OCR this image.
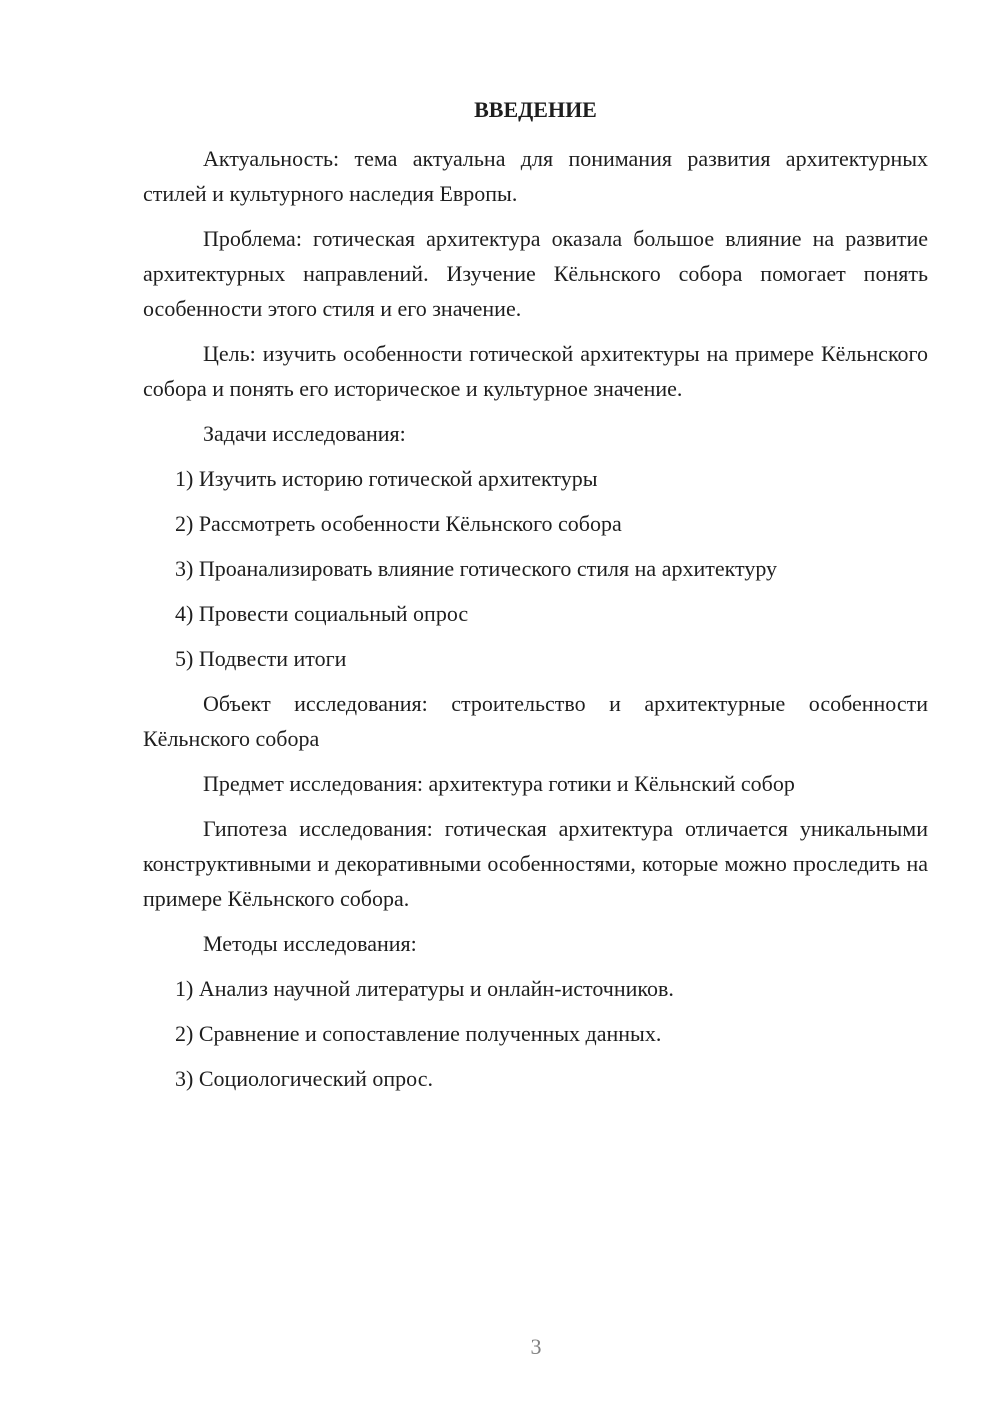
ВВЕДЕНИЕ

Актуальность: тема актуальна для понимания развития архитектурных стилей и культурного наследия Европы.

Проблема: готическая архитектура оказала большое влияние на развитие архитектурных направлений. Изучение Кёльнского собора помогает понять особенности этого стиля и его значение.

Цель: изучить особенности готической архитектуры на примере Кёльнского собора и понять его историческое и культурное значение.

Задачи исследования:

1) Изучить историю готической архитектуры
2) Рассмотреть особенности Кёльнского собора
3) Проанализировать влияние готического стиля на архитектуру
4) Провести социальный опрос
5) Подвести итоги

Объект исследования: строительство и архитектурные особенности Кёльнского собора

Предмет исследования: архитектура готики и Кёльнский собор

Гипотеза исследования: готическая архитектура отличается уникальными конструктивными и декоративными особенностями, которые можно проследить на примере Кёльнского собора.

Методы исследования:

1) Анализ научной литературы и онлайн-источников.
2) Сравнение и сопоставление полученных данных.
3) Социологический опрос.
3
